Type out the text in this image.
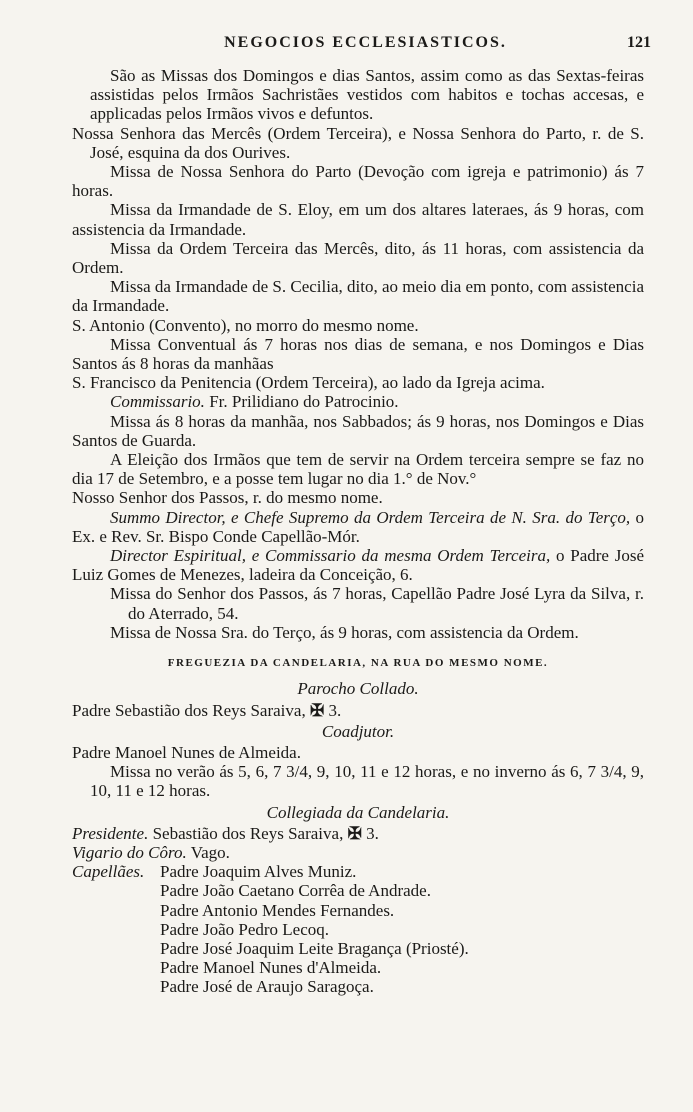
NEGOCIOS ECCLESIASTICOS.	121

São as Missas dos Domingos e dias Santos, assim como as das Sextas-feiras assistidas pelos Irmãos Sachristães vestidos com habitos e tochas accesas, e applicadas pelos Irmãos vivos e defuntos.

Nossa Senhora das Mercês (Ordem Terceira), e Nossa Senhora do Parto, r. de S. José, esquina da dos Ourives.

Missa de Nossa Senhora do Parto (Devoção com igreja e patrimonio) ás 7 horas.

Missa da Irmandade de S. Eloy, em um dos altares lateraes, ás 9 horas, com assistencia da Irmandade.

Missa da Ordem Terceira das Mercês, dito, ás 11 horas, com assistencia da Ordem.

Missa da Irmandade de S. Cecilia, dito, ao meio dia em ponto, com assistencia da Irmandade.

S. Antonio (Convento), no morro do mesmo nome.

Missa Conventual ás 7 horas nos dias de semana, e nos Domingos e Dias Santos ás 8 horas da manhãas

S. Francisco da Penitencia (Ordem Terceira), ao lado da Igreja acima.

Commissario. Fr. Prilidiano do Patrocinio.

Missa ás 8 horas da manhãa, nos Sabbados; ás 9 horas, nos Domingos e Dias Santos de Guarda.

A Eleição dos Irmãos que tem de servir na Ordem terceira sempre se faz no dia 17 de Setembro, e a posse tem lugar no dia 1.° de Nov.°

Nosso Senhor dos Passos, r. do mesmo nome.

Summo Director, e Chefe Supremo da Ordem Terceira de N. Sra. do Terço, o Ex. e Rev. Sr. Bispo Conde Capellão-Mór.

Director Espiritual, e Commissario da mesma Ordem Terceira, o Padre José Luiz Gomes de Menezes, ladeira da Conceição, 6.

Missa do Senhor dos Passos, ás 7 horas, Capellão Padre José Lyra da Silva, r. do Aterrado, 54.

Missa de Nossa Sra. do Terço, ás 9 horas, com assistencia da Ordem.

FREGUEZIA DA CANDELARIA, NA RUA DO MESMO NOME.

Parocho Collado.

Padre Sebastião dos Reys Saraiva, ✠ 3.

Coadjutor.

Padre Manoel Nunes de Almeida.

Missa no verão ás 5, 6, 7 3/4, 9, 10, 11 e 12 horas, e no inverno ás 6, 7 3/4, 9, 10, 11 e 12 horas.

Collegiada da Candelaria.

Presidente. Sebastião dos Reys Saraiva, ✠ 3.

Vigario do Côro. Vago.

Capellães. Padre Joaquim Alves Muniz.
Padre João Caetano Corrêa de Andrade.
Padre Antonio Mendes Fernandes.
Padre João Pedro Lecoq.
Padre José Joaquim Leite Bragança (Priosté).
Padre Manoel Nunes d'Almeida.
Padre José de Araujo Saragoça.
